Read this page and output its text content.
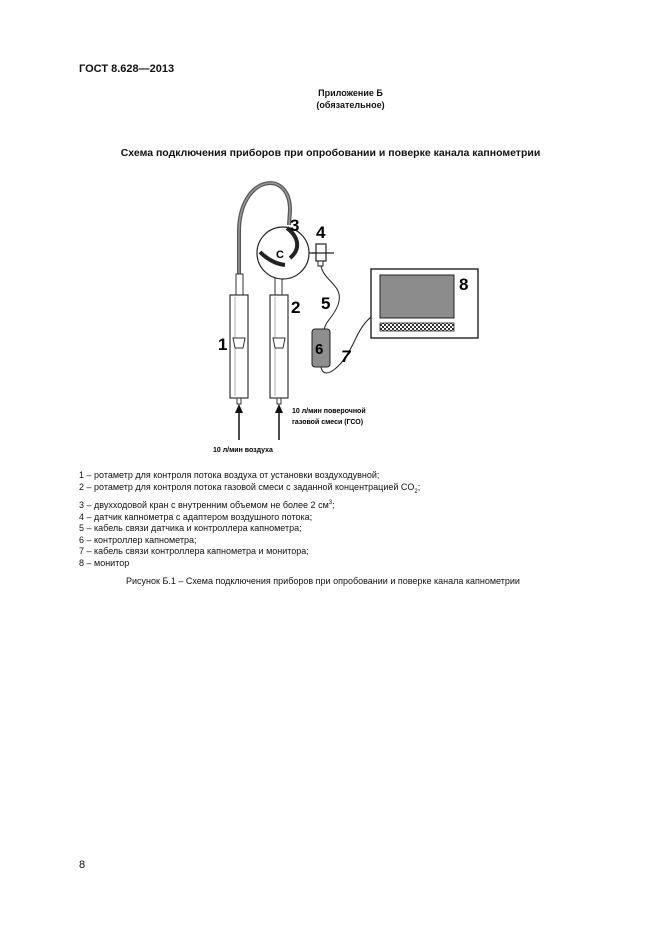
ГОСТ 8.628—2013
Приложение Б
(обязательное)
Схема подключения приборов при опробовании и поверке канала капнометрии
1
2
3 4
5
6 7
8
С
10 л/мин воздуха
10 л/мин поверочной
газовой смеси (ГСО)
1 – ротаметр для контроля потока воздуха от установки воздуходувной;
2 – ротаметр для контроля потока газовой смеси с заданной концентрацией $CO_2$;
3 – двухходовой кран с внутренним объемом не более 2 $см^3$;
4 – датчик капнометра с адаптером воздушного потока;
5 – кабель связи датчика и контроллера капнометра;
6 – контроллер капнометра;
7 – кабель связи контроллера капнометра и монитора;
8 – монитор
Рисунок Б.1 – Схема подключения приборов при опробовании и поверке канала капнометрии
8
